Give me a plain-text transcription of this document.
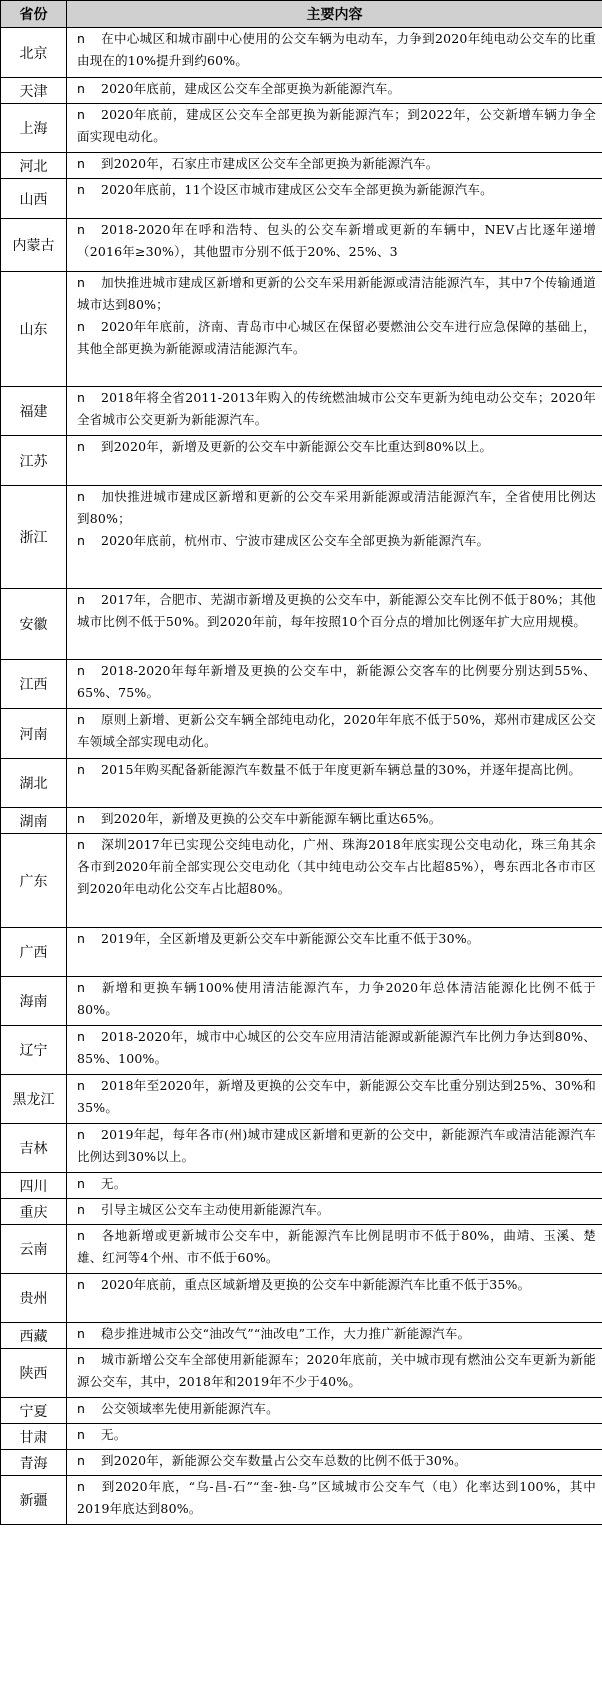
省份	主要内容
北京	n 在中心城区和城市副中心使用的公交车辆为电动车，力争到2020年纯电动公交车的比重由现在的10%提升到约60%。

天津	n 2020年底前，建成区公交车全部更换为新能源汽车。

上海	n 2020年底前，建成区公交车全部更换为新能源汽车；到2022年，公交新增车辆力争全面实现电动化。

河北	n 到2020年，石家庄市建成区公交车全部更换为新能源汽车。

山西	n 2020年底前，11个设区市城市建成区公交车全部更换为新能源汽车。

内蒙古	n 2018-2020年在呼和浩特、包头的公交车新增或更新的车辆中，NEV占比逐年递增（2016年≥30%），其他盟市分别不低于20%、25%、3

山东	n 加快推进城市建成区新增和更新的公交车采用新能源或清洁能源汽车，其中7个传输通道城市达到80%；
n 2020年年底前，济南、青岛市中心城区在保留必要燃油公交车进行应急保障的基础上，其他全部更换为新能源或清洁能源汽车。

福建	n 2018年将全省2011-2013年购入的传统燃油城市公交车更新为纯电动公交车；2020年全省城市公交更新为新能源汽车。

江苏	n 到2020年，新增及更新的公交车中新能源公交车比重达到80%以上。

浙江	n 加快推进城市建成区新增和更新的公交车采用新能源或清洁能源汽车，全省使用比例达到80%；
n 2020年底前，杭州市、宁波市建成区公交车全部更换为新能源汽车。

安徽	n 2017年，合肥市、芜湖市新增及更换的公交车中，新能源公交车比例不低于80%；其他城市比例不低于50%。到2020年前，每年按照10个百分点的增加比例逐年扩大应用规模。

江西	n 2018-2020年每年新增及更换的公交车中，新能源公交客车的比例要分别达到55%、65%、75%。

河南	n 原则上新增、更新公交车辆全部纯电动化，2020年年底不低于50%，郑州市建成区公交车领域全部实现电动化。

湖北	n 2015年购买配备新能源汽车数量不低于年度更新车辆总量的30%，并逐年提高比例。

湖南	n 到2020年，新增及更换的公交车中新能源车辆比重达65%。

广东	n 深圳2017年已实现公交纯电动化，广州、珠海2018年底实现公交电动化，珠三角其余各市到2020年前全部实现公交电动化（其中纯电动公交车占比超85%），粤东西北各市市区到2020年电动化公交车占比超80%。

广西	n 2019年，全区新增及更新公交车中新能源公交车比重不低于30%。

海南	n 新增和更换车辆100%使用清洁能源汽车，力争2020年总体清洁能源化比例不低于80%。

辽宁	n 2018-2020年，城市中心城区的公交车应用清洁能源或新能源汽车比例力争达到80%、85%、100%。

黑龙江	n 2018年至2020年，新增及更换的公交车中，新能源公交车比重分别达到25%、30%和35%。

吉林	n 2019年起，每年各市(州)城市建成区新增和更新的公交中，新能源汽车或清洁能源汽车比例达到30%以上。

四川	n 无。

重庆	n 引导主城区公交车主动使用新能源汽车。

云南	n 各地新增或更新城市公交车中，新能源汽车比例昆明市不低于80%，曲靖、玉溪、楚雄、红河等4个州、市不低于60%。

贵州	n 2020年底前，重点区域新增及更换的公交车中新能源汽车比重不低于35%。

西藏	n 稳步推进城市公交“油改气”“油改电”工作，大力推广新能源汽车。

陕西	n 城市新增公交车全部使用新能源车；2020年底前，关中城市现有燃油公交车更新为新能源公交车，其中，2018年和2019年不少于40%。

宁夏	n 公交领域率先使用新能源汽车。

甘肃	n 无。

青海	n 到2020年，新能源公交车数量占公交车总数的比例不低于30%。

新疆	n 到2020年底，“乌-昌-石”“奎-独-乌”区域城市公交车气（电）化率达到100%，其中2019年底达到80%。
